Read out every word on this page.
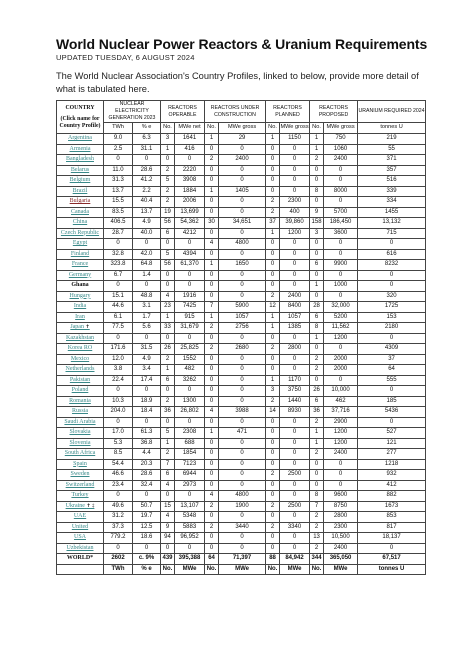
World Nuclear Power Reactors & Uranium Requirements
UPDATED TUESDAY, 6 AUGUST 2024
The World Nuclear Association's Country Profiles, linked to below, provide more detail of what is tabulated here.
COUNTRY
(Click name for Country Profile)	NUCLEAR ELECTRICITY GENERATION 2023		REACTORS OPERABLE		REACTORS UNDER CONSTRUCTION		REACTORS PLANNED		REACTORS PROPOSED		URANIUM REQUIRED 2024
	TWh	% e	No.	MWe net	No.	MWe gross	No.	MWe gross	No.	MWe gross	tonnes U
Argentina	9.0	6.3	3	1641	1	29	1	1150	1	750	219
Armenia	2.5	31.1	1	416	0	0	0	0	1	1060	55
Bangladesh	0	0	0	0	2	2400	0	0	2	2400	371
Belarus	11.0	28.6	2	2220	0	0	0	0	0	0	357
Belgium	31.3	41.2	5	3908	0	0	0	0	0	0	516
Brazil	13.7	2.2	2	1884	1	1405	0	0	8	8000	339
Bulgaria	15.5	40.4	2	2006	0	0	2	2300	0	0	334
Canada	83.5	13.7	19	13,699	0	0	2	400	9	5700	1455
China	406.5	4.9	56	54,362	30	34,651	37	39,860	158	186,450	13,132
Czech Republic	28.7	40.0	6	4212	0	0	1	1200	3	3600	715
Egypt	0	0	0	0	4	4800	0	0	0	0	0
Finland	32.8	42.0	5	4394	0	0	0	0	0	0	616
France	323.8	64.8	56	61,370	1	1650	0	0	6	9900	8232
Germany	6.7	1.4	0	0	0	0	0	0	0	0	0
Ghana	0	0	0	0	0	0	0	0	1	1000	0
Hungary	15.1	48.8	4	1916	0	0	2	2400	0	0	320
India	44.6	3.1	23	7425	7	5900	12	8400	28	32,000	1725
Iran	6.1	1.7	1	915	1	1057	1	1057	6	5200	153
Japan ✝	77.5	5.6	33	31,679	2	2756	1	1385	8	11,562	2180
Kazakhstan	0	0	0	0	0	0	0	0	1	1200	0
Korea RO	171.6	31.5	26	25,825	2	2680	2	2800	0	0	4309
Mexico	12.0	4.9	2	1552	0	0	0	0	2	2000	37
Netherlands	3.8	3.4	1	482	0	0	0	0	2	2000	64
Pakistan	22.4	17.4	6	3262	0	0	1	1170	0	0	555
Poland	0	0	0	0	0	0	3	3750	26	10,000	0
Romania	10.3	18.9	2	1300	0	0	2	1440	6	462	185
Russia	204.0	18.4	36	26,802	4	3988	14	8930	36	37,716	5436
Saudi Arabia	0	0	0	0	0	0	0	0	2	2900	0
Slovakia	17.0	61.3	5	2308	1	471	0	0	1	1200	527
Slovenia	5.3	36.8	1	688	0	0	0	0	1	1200	121
South Africa	8.5	4.4	2	1854	0	0	0	0	2	2400	277
Spain	54.4	20.3	7	7123	0	0	0	0	0	0	1218
Sweden	46.6	28.6	6	6944	0	0	2	2500	0	0	932
Switzerland	23.4	32.4	4	2973	0	0	0	0	0	0	412
Turkey	0	0	0	0	4	4800	0	0	8	9600	882
Ukraine ✝ ‡	49.6	50.7	15	13,107	2	1900	2	2500	7	8750	1673
UAE	31.2	19.7	4	5348	0	0	0	0	2	2800	853
United	37.3	12.5	9	5883	2	3440	2	3340	2	2300	817
USA	779.2	18.6	94	96,952	0	0	0	0	13	10,500	18,137
Uzbekistan	0	0	0	0	0	0	0	0	2	2400	0
WORLD*	2602	c. 9%	439	395,388	64	71,397	88	84,942	344	365,050	67,517
	TWh	% e	No.	MWe	No.	MWe	No.	MWe	No.	MWe	tonnes U
